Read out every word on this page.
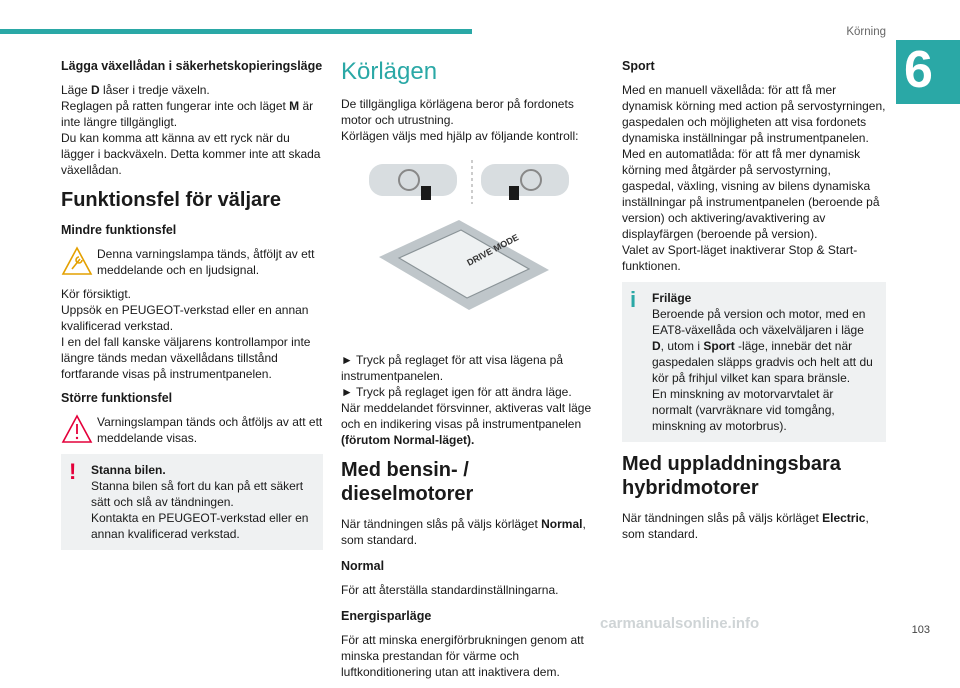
Körning
6
Lägga växellådan i säkerhetskopieringsläge

Läge D låser i tredje växeln.
Reglagen på ratten fungerar inte och läget M är inte längre tillgängligt.
Du kan komma att känna av ett ryck när du lägger i backväxeln. Detta kommer inte att skada växellådan.

Funktionsfel för väljare
Mindre funktionsfel

Denna varningslampa tänds, åtföljt av ett meddelande och en ljudsignal.

Kör försiktigt.
Uppsök en PEUGEOT-verkstad eller en annan kvalificerad verkstad.
I en del fall kanske väljarens kontrollampor inte längre tänds medan växellådans tillstånd fortfarande visas på instrumentpanelen.

Större funktionsfel

Varningslampan tänds och åtföljs av att ett meddelande visas.

!	Stanna bilen.
Stanna bilen så fort du kan på ett säkert sätt och slå av tändningen.
Kontakta en PEUGEOT-verkstad eller en annan kvalificerad verkstad.

Körlägen

De tillgängliga körlägena beror på fordonets motor och utrustning.
Körlägen väljs med hjälp av följande kontroll:

DRIVE MODE

► Tryck på reglaget för att visa lägena på instrumentpanelen.

► Tryck på reglaget igen för att ändra läge.
När meddelandet försvinner, aktiveras valt läge och en indikering visas på instrumentpanelen (förutom Normal-läget).

Med bensin- / dieselmotorer

När tändningen slås på väljs körläget Normal, som standard.

Normal

För att återställa standardinställningarna.

Energisparläge

För att minska energiförbrukningen genom att minska prestandan för värme och luftkonditionering utan att inaktivera dem.

Sport

Med en manuell växellåda: för att få mer dynamisk körning med action på servostyrningen, gaspedalen och möjligheten att visa fordonets dynamiska inställningar på instrumentpanelen.
Med en automatlåda: för att få mer dynamisk körning med åtgärder på servostyrning, gaspedal, växling, visning av bilens dynamiska inställningar på instrumentpanelen (beroende på version) och aktivering/avaktivering av displayfärgen (beroende på version).
Valet av Sport-läget inaktiverar Stop & Start-funktionen.

i	Friläge
Beroende på version och motor, med en EAT8-växellåda och växelväljaren i läge D, utom i Sport -läge, innebär det när gaspedalen släpps gradvis och helt att du kör på frihjul vilket kan spara bränsle.
En minskning av motorvarvtalet är normalt (varvräknare vid tomgång, minskning av motorbrus).

Med uppladdningsbara hybridmotorer

När tändningen slås på väljs körläget Electric, som standard.

103
carmanualsonline.info
